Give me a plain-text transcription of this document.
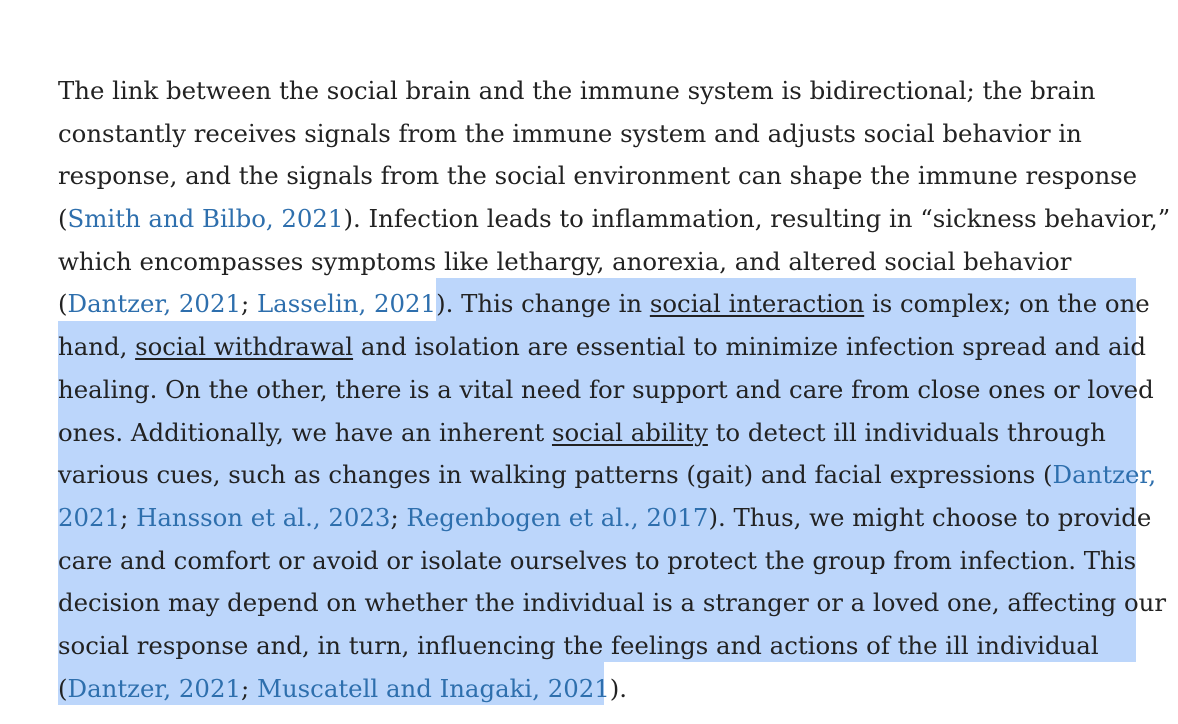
The link between the social brain and the immune system is bidirectional; the brain
constantly receives signals from the immune system and adjusts social behavior in
response, and the signals from the social environment can shape the immune response
(Smith and Bilbo, 2021). Infection leads to inflammation, resulting in “sickness behavior,”
which encompasses symptoms like lethargy, anorexia, and altered social behavior
(Dantzer, 2021; Lasselin, 2021). This change in social interaction is complex; on the one
hand, social withdrawal and isolation are essential to minimize infection spread and aid
healing. On the other, there is a vital need for support and care from close ones or loved
ones. Additionally, we have an inherent social ability to detect ill individuals through
various cues, such as changes in walking patterns (gait) and facial expressions (Dantzer,
2021; Hansson et al., 2023; Regenbogen et al., 2017). Thus, we might choose to provide
care and comfort or avoid or isolate ourselves to protect the group from infection. This
decision may depend on whether the individual is a stranger or a loved one, affecting our
social response and, in turn, influencing the feelings and actions of the ill individual
(Dantzer, 2021; Muscatell and Inagaki, 2021).
